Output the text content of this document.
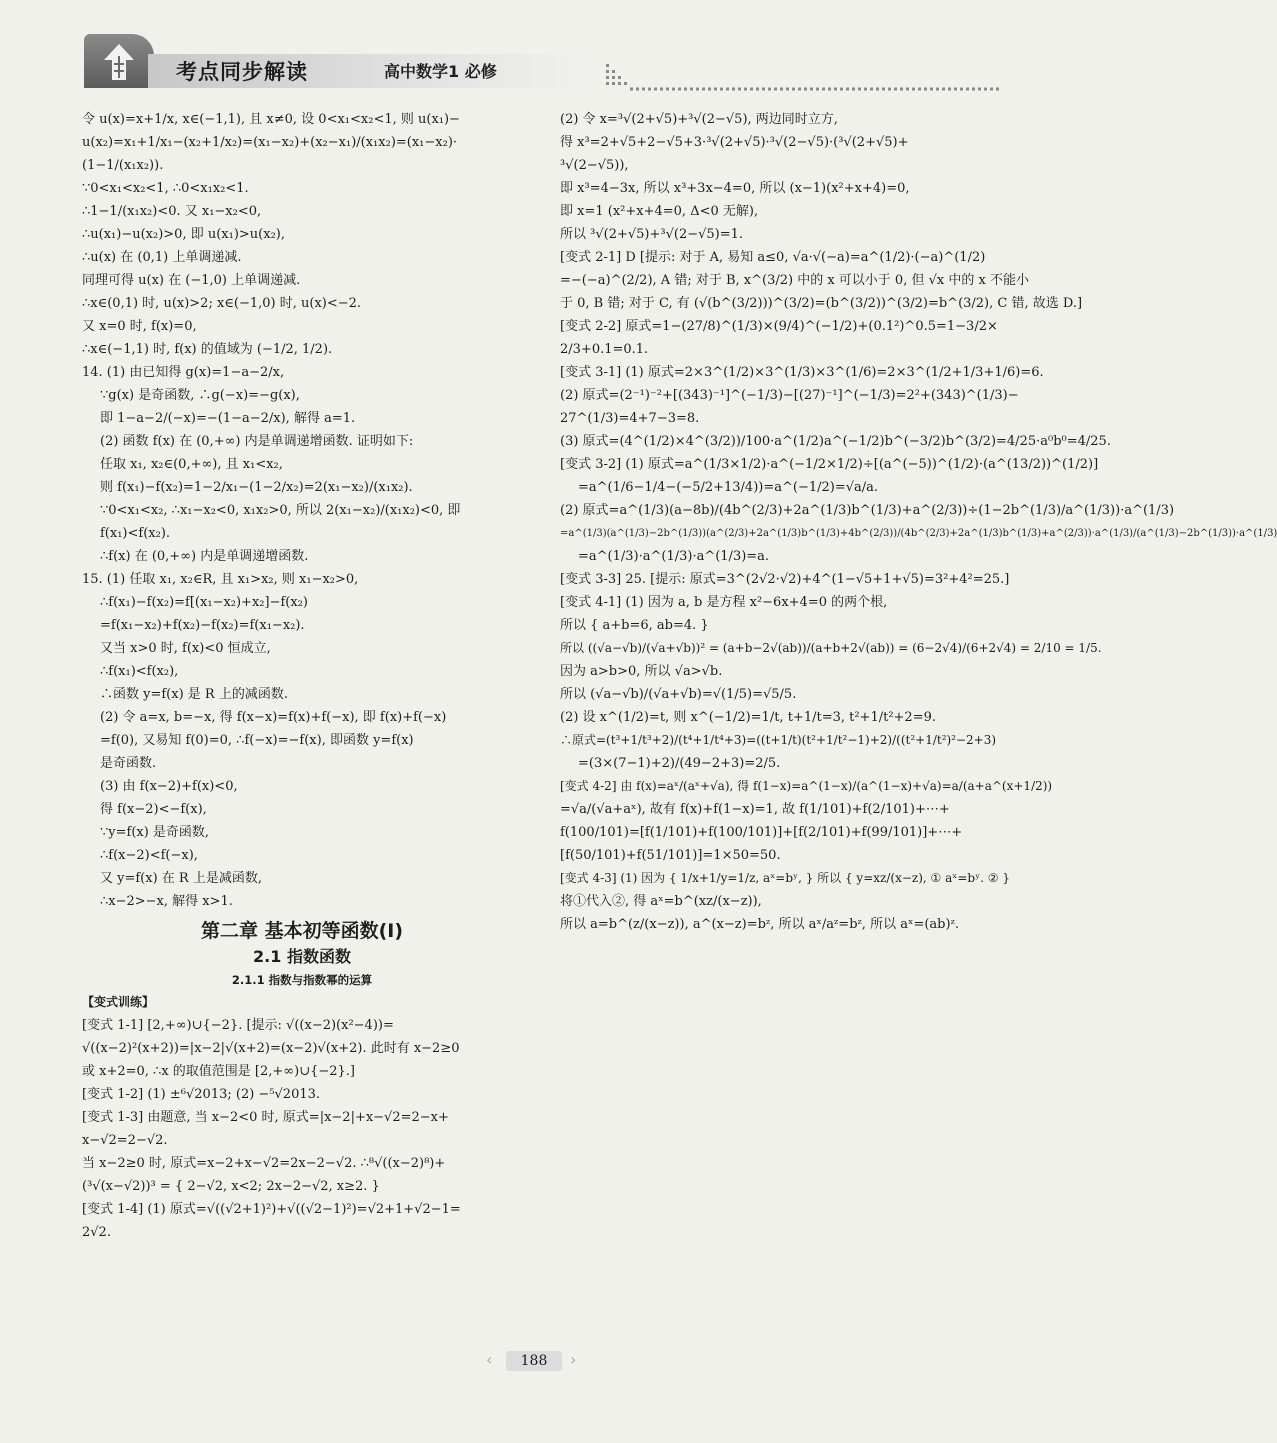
考点同步解读	高中数学1 必修

令 u(x)=x+1/x, x∈(−1,1), 且 x≠0, 设 0<x₁<x₂<1, 则 u(x₁)−

u(x₂)=x₁+1/x₁−(x₂+1/x₂)=(x₁−x₂)+(x₂−x₁)/(x₁x₂)=(x₁−x₂)·

(1−1/(x₁x₂)).

∵0<x₁<x₂<1, ∴0<x₁x₂<1.

∴1−1/(x₁x₂)<0. 又 x₁−x₂<0,

∴u(x₁)−u(x₂)>0, 即 u(x₁)>u(x₂),

∴u(x) 在 (0,1) 上单调递减.

同理可得 u(x) 在 (−1,0) 上单调递减.

∴x∈(0,1) 时, u(x)>2; x∈(−1,0) 时, u(x)<−2.

又 x=0 时, f(x)=0,

∴x∈(−1,1) 时, f(x) 的值域为 (−1/2, 1/2).

14. (1) 由已知得 g(x)=1−a−2/x,

∵g(x) 是奇函数, ∴g(−x)=−g(x),

即 1−a−2/(−x)=−(1−a−2/x), 解得 a=1.

(2) 函数 f(x) 在 (0,+∞) 内是单调递增函数. 证明如下:

任取 x₁, x₂∈(0,+∞), 且 x₁<x₂,

则 f(x₁)−f(x₂)=1−2/x₁−(1−2/x₂)=2(x₁−x₂)/(x₁x₂).

∵0<x₁<x₂, ∴x₁−x₂<0, x₁x₂>0, 所以 2(x₁−x₂)/(x₁x₂)<0, 即

f(x₁)<f(x₂).

∴f(x) 在 (0,+∞) 内是单调递增函数.

15. (1) 任取 x₁, x₂∈R, 且 x₁>x₂, 则 x₁−x₂>0,

∴f(x₁)−f(x₂)=f[(x₁−x₂)+x₂]−f(x₂)

=f(x₁−x₂)+f(x₂)−f(x₂)=f(x₁−x₂).

又当 x>0 时, f(x)<0 恒成立,

∴f(x₁)<f(x₂),

∴函数 y=f(x) 是 R 上的减函数.

(2) 令 a=x, b=−x, 得 f(x−x)=f(x)+f(−x), 即 f(x)+f(−x)

=f(0), 又易知 f(0)=0, ∴f(−x)=−f(x), 即函数 y=f(x)

是奇函数.

(3) 由 f(x−2)+f(x)<0,

得 f(x−2)<−f(x),

∵y=f(x) 是奇函数,

∴f(x−2)<f(−x),

又 y=f(x) 在 R 上是减函数,

∴x−2>−x, 解得 x>1.

第二章 基本初等函数(Ⅰ)
2.1 指数函数
2.1.1 指数与指数幂的运算

【变式训练】

[变式 1-1] [2,+∞)∪{−2}. [提示: √((x−2)(x²−4))=

√((x−2)²(x+2))=|x−2|√(x+2)=(x−2)√(x+2). 此时有 x−2≥0

或 x+2=0, ∴x 的取值范围是 [2,+∞)∪{−2}.]

[变式 1-2] (1) ±⁶√2013; (2) −⁵√2013.

[变式 1-3] 由题意, 当 x−2<0 时, 原式=|x−2|+x−√2=2−x+

x−√2=2−√2.

当 x−2≥0 时, 原式=x−2+x−√2=2x−2−√2. ∴⁸√((x−2)⁸)+

(³√(x−√2))³ = { 2−√2, x<2; 2x−2−√2, x≥2. }

[变式 1-4] (1) 原式=√((√2+1)²)+√((√2−1)²)=√2+1+√2−1=

2√2.

(2) 令 x=³√(2+√5)+³√(2−√5), 两边同时立方,

得 x³=2+√5+2−√5+3·³√(2+√5)·³√(2−√5)·(³√(2+√5)+

³√(2−√5)),

即 x³=4−3x, 所以 x³+3x−4=0, 所以 (x−1)(x²+x+4)=0,

即 x=1 (x²+x+4=0, Δ<0 无解),

所以 ³√(2+√5)+³√(2−√5)=1.

[变式 2-1] D [提示: 对于 A, 易知 a≤0, √a·√(−a)=a^(1/2)·(−a)^(1/2)

=−(−a)^(2/2), A 错; 对于 B, x^(3/2) 中的 x 可以小于 0, 但 √x 中的 x 不能小

于 0, B 错; 对于 C, 有 (√(b^(3/2)))^(3/2)=(b^(3/2))^(3/2)=b^(3/2), C 错, 故选 D.]

[变式 2-2] 原式=1−(27/8)^(1/3)×(9/4)^(−1/2)+(0.1²)^0.5=1−3/2×

2/3+0.1=0.1.

[变式 3-1] (1) 原式=2×3^(1/2)×3^(1/3)×3^(1/6)=2×3^(1/2+1/3+1/6)=6.

(2) 原式=(2⁻¹)⁻²+[(343)⁻¹]^(−1/3)−[(27)⁻¹]^(−1/3)=2²+(343)^(1/3)−

27^(1/3)=4+7−3=8.

(3) 原式=(4^(1/2)×4^(3/2))/100·a^(1/2)a^(−1/2)b^(−3/2)b^(3/2)=4/25·a⁰b⁰=4/25.

[变式 3-2] (1) 原式=a^(1/3×1/2)·a^(−1/2×1/2)÷[(a^(−5))^(1/2)·(a^(13/2))^(1/2)]

=a^(1/6−1/4−(−5/2+13/4))=a^(−1/2)=√a/a.

(2) 原式=a^(1/3)(a−8b)/(4b^(2/3)+2a^(1/3)b^(1/3)+a^(2/3))÷(1−2b^(1/3)/a^(1/3))·a^(1/3)

=a^(1/3)(a^(1/3)−2b^(1/3))(a^(2/3)+2a^(1/3)b^(1/3)+4b^(2/3))/(4b^(2/3)+2a^(1/3)b^(1/3)+a^(2/3))·a^(1/3)/(a^(1/3)−2b^(1/3))·a^(1/3)

=a^(1/3)·a^(1/3)·a^(1/3)=a.

[变式 3-3] 25. [提示: 原式=3^(2√2·√2)+4^(1−√5+1+√5)=3²+4²=25.]

[变式 4-1] (1) 因为 a, b 是方程 x²−6x+4=0 的两个根,

所以 { a+b=6, ab=4. }

所以 ((√a−√b)/(√a+√b))² = (a+b−2√(ab))/(a+b+2√(ab)) = (6−2√4)/(6+2√4) = 2/10 = 1/5.

因为 a>b>0, 所以 √a>√b.

所以 (√a−√b)/(√a+√b)=√(1/5)=√5/5.

(2) 设 x^(1/2)=t, 则 x^(−1/2)=1/t, t+1/t=3, t²+1/t²+2=9.

∴原式=(t³+1/t³+2)/(t⁴+1/t⁴+3)=((t+1/t)(t²+1/t²−1)+2)/((t²+1/t²)²−2+3)

=(3×(7−1)+2)/(49−2+3)=2/5.

[变式 4-2] 由 f(x)=aˣ/(aˣ+√a), 得 f(1−x)=a^(1−x)/(a^(1−x)+√a)=a/(a+a^(x+1/2))

=√a/(√a+aˣ), 故有 f(x)+f(1−x)=1, 故 f(1/101)+f(2/101)+⋯+

f(100/101)=[f(1/101)+f(100/101)]+[f(2/101)+f(99/101)]+⋯+

[f(50/101)+f(51/101)]=1×50=50.

[变式 4-3] (1) 因为 { 1/x+1/y=1/z, aˣ=bʸ, } 所以 { y=xz/(x−z), ① aˣ=bʸ. ② }

将①代入②, 得 aˣ=b^(xz/(x−z)),

所以 a=b^(z/(x−z)), a^(x−z)=bᶻ, 所以 aˣ/aᶻ=bᶻ, 所以 aˣ=(ab)ᶻ.

‹	188	›
